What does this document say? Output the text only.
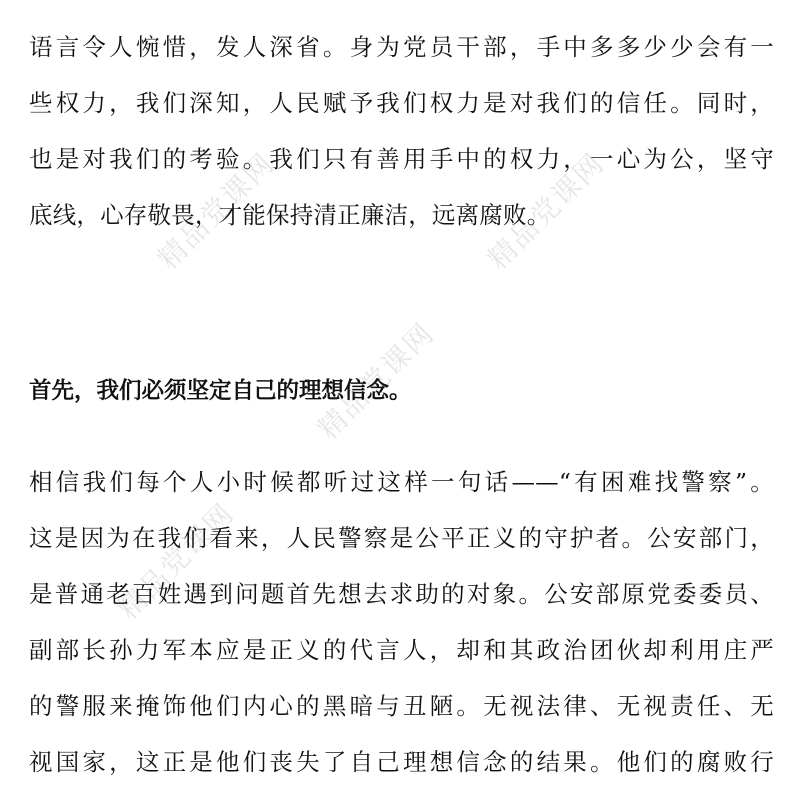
精品党课网	精品党课网
精品党课网
精品党课网
语言令人惋惜，发人深省。身为党员干部，手中多多少少会有一
些权力，我们深知，人民赋予我们权力是对我们的信任。同时，
也是对我们的考验。我们只有善用手中的权力，一心为公，坚守
底线，心存敬畏，才能保持清正廉洁，远离腐败。
首先，我们必须坚定自己的理想信念。
相信我们每个人小时候都听过这样一句话——“有困难找警察”。
这是因为在我们看来，人民警察是公平正义的守护者。公安部门，
是普通老百姓遇到问题首先想去求助的对象。公安部原党委委员、
副部长孙力军本应是正义的代言人，却和其政治团伙却利用庄严
的警服来掩饰他们内心的黑暗与丑陋。无视法律、无视责任、无
视国家，这正是他们丧失了自己理想信念的结果。他们的腐败行
